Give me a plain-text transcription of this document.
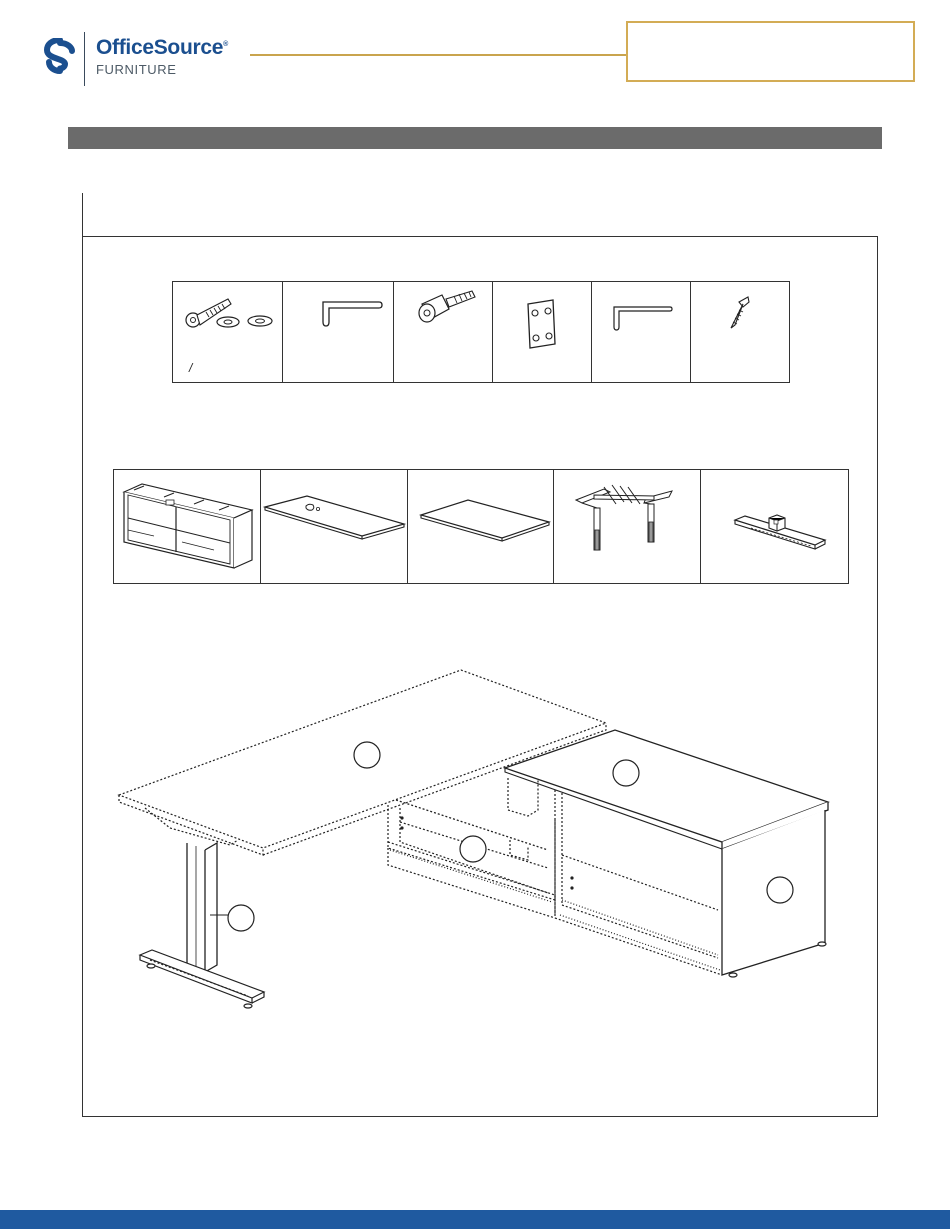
OfficeSource®
FURNITURE
/
